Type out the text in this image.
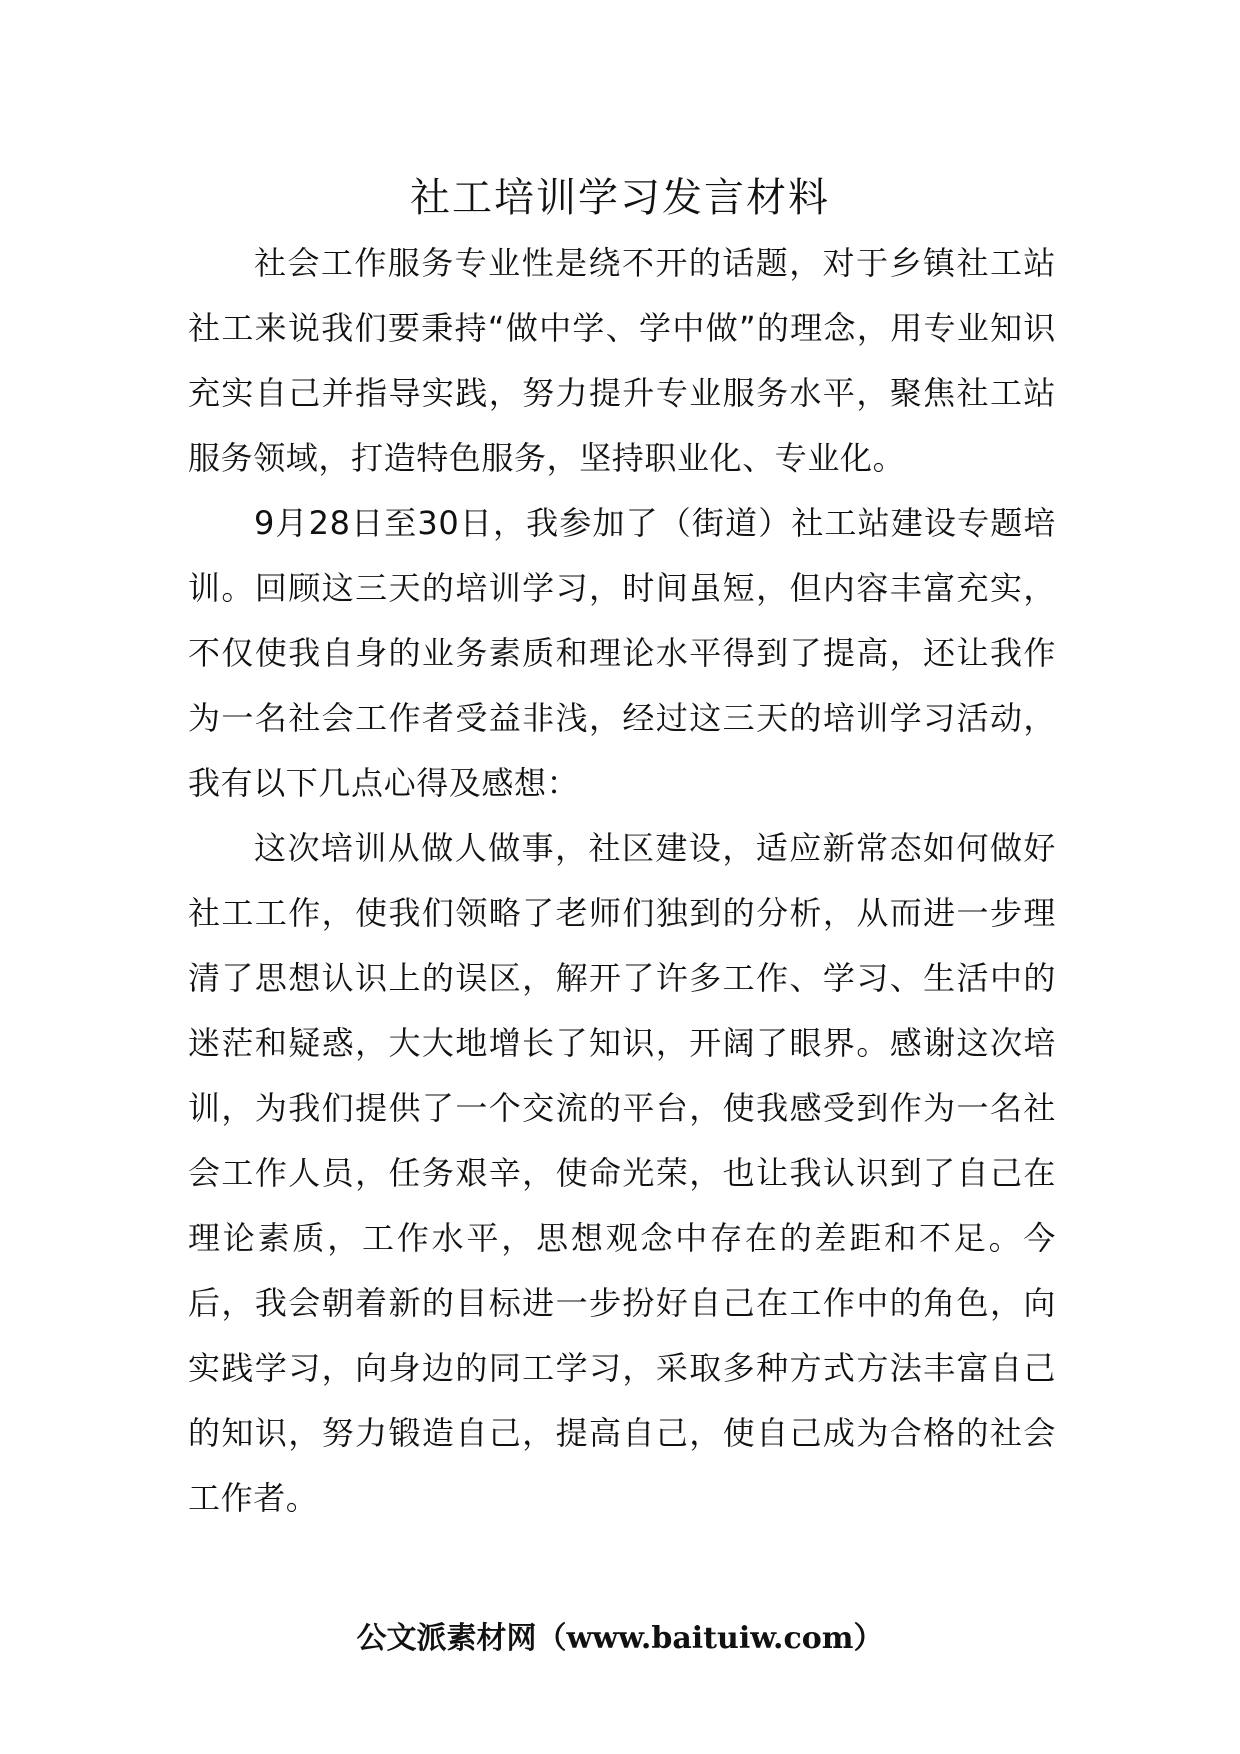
社工培训学习发言材料

社会工作服务专业性是绕不开的话题，对于乡镇社工站社工来说我们要秉持“做中学、学中做”的理念，用专业知识充实自己并指导实践，努力提升专业服务水平，聚焦社工站服务领域，打造特色服务，坚持职业化、专业化。

9月28日至30日，我参加了（街道）社工站建设专题培训。回顾这三天的培训学习，时间虽短，但内容丰富充实，不仅使我自身的业务素质和理论水平得到了提高，还让我作为一名社会工作者受益非浅，经过这三天的培训学习活动，我有以下几点心得及感想：

这次培训从做人做事，社区建设，适应新常态如何做好社工工作，使我们领略了老师们独到的分析，从而进一步理清了思想认识上的误区，解开了许多工作、学习、生活中的迷茫和疑惑，大大地增长了知识，开阔了眼界。感谢这次培训，为我们提供了一个交流的平台，使我感受到作为一名社会工作人员，任务艰辛，使命光荣，也让我认识到了自己在理论素质，工作水平，思想观念中存在的差距和不足。今后，我会朝着新的目标进一步扮好自己在工作中的角色，向实践学习，向身边的同工学习，采取多种方式方法丰富自己的知识，努力锻造自己，提高自己，使自己成为合格的社会工作者。

公文派素材网（www.baituiw.com）
